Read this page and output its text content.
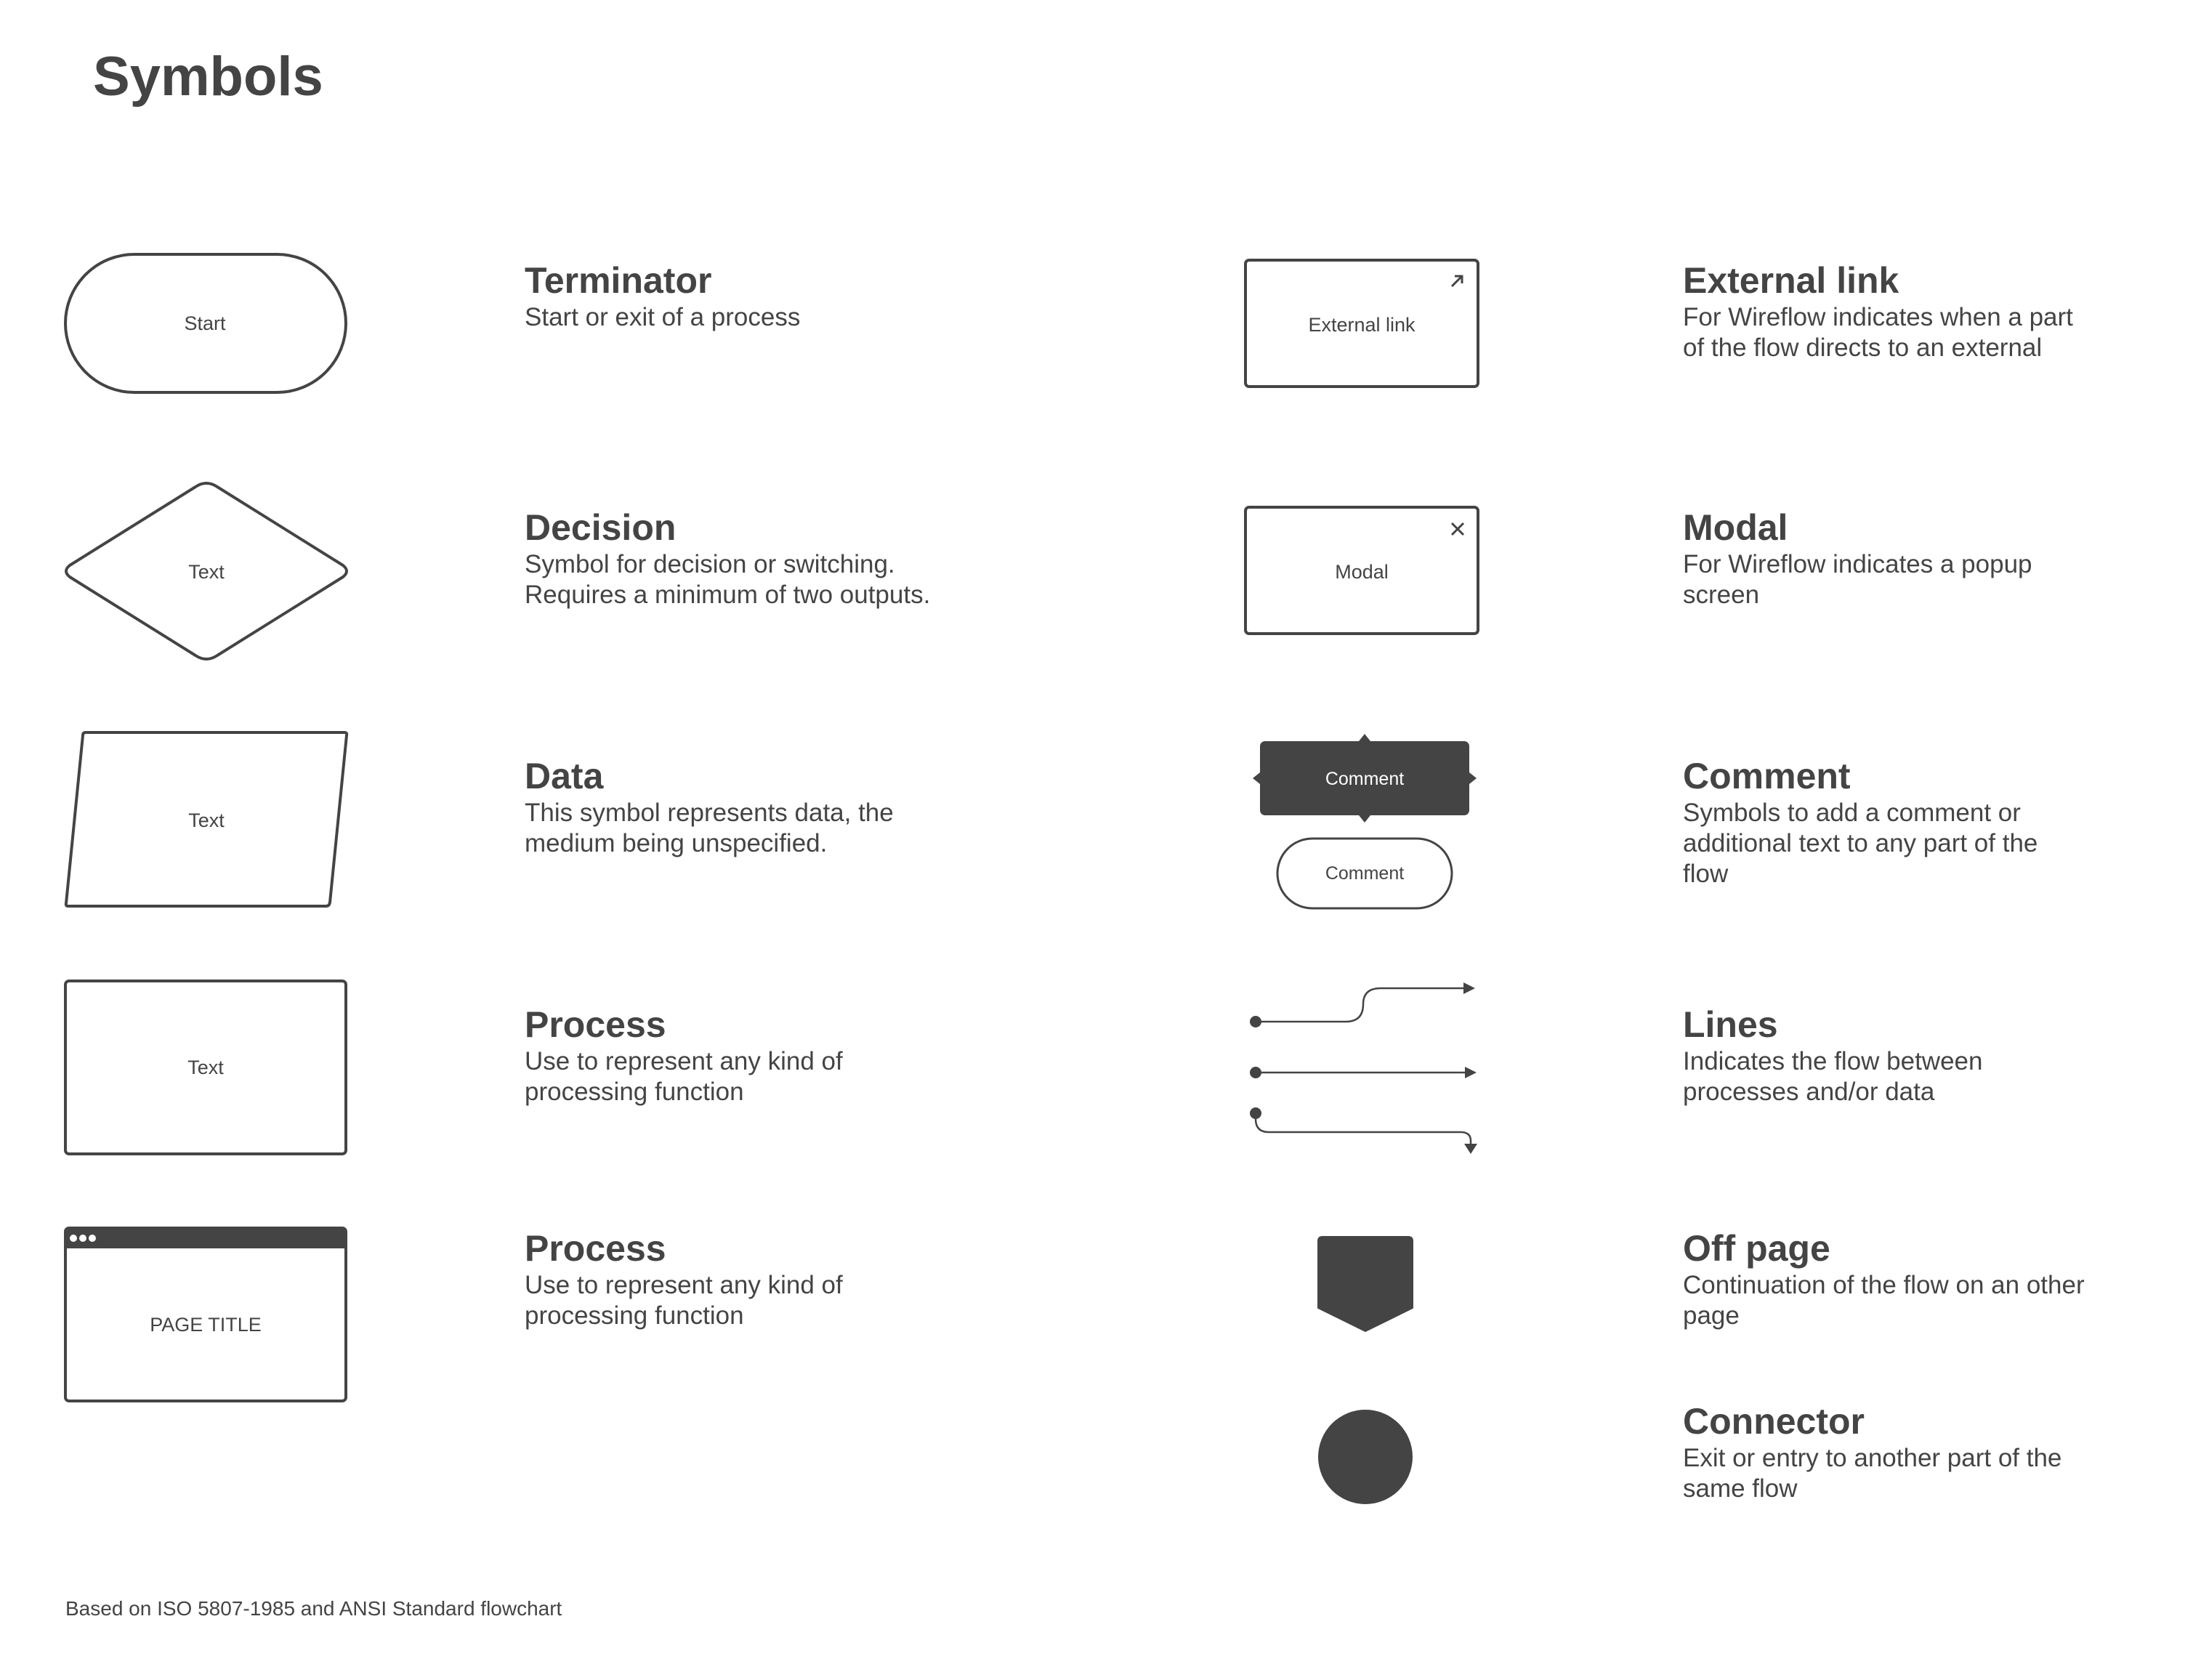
Symbols
Start
Terminator

Start or exit of a process

Text
Decision

Symbol for decision or switching.
Requires a minimum of two outputs.

Text
Data

This symbol represents data, the
medium being unspecified.

Text
Process

Use to represent any kind of
processing function

PAGE TITLE
Process

Use to represent any kind of
processing function

External link
External link

For Wireflow indicates when a part
of the flow directs to an external

Modal
Modal

For Wireflow indicates a popup
screen

Comment
Comment
Comment

Symbols to add a comment or
additional text to any part of the
flow

Lines

Indicates the flow between
processes and/or data

Off page

Continuation of the flow on an other
page

Connector

Exit or entry to another part of the
same flow

Based on ISO 5807-1985 and ANSI Standard flowchart
